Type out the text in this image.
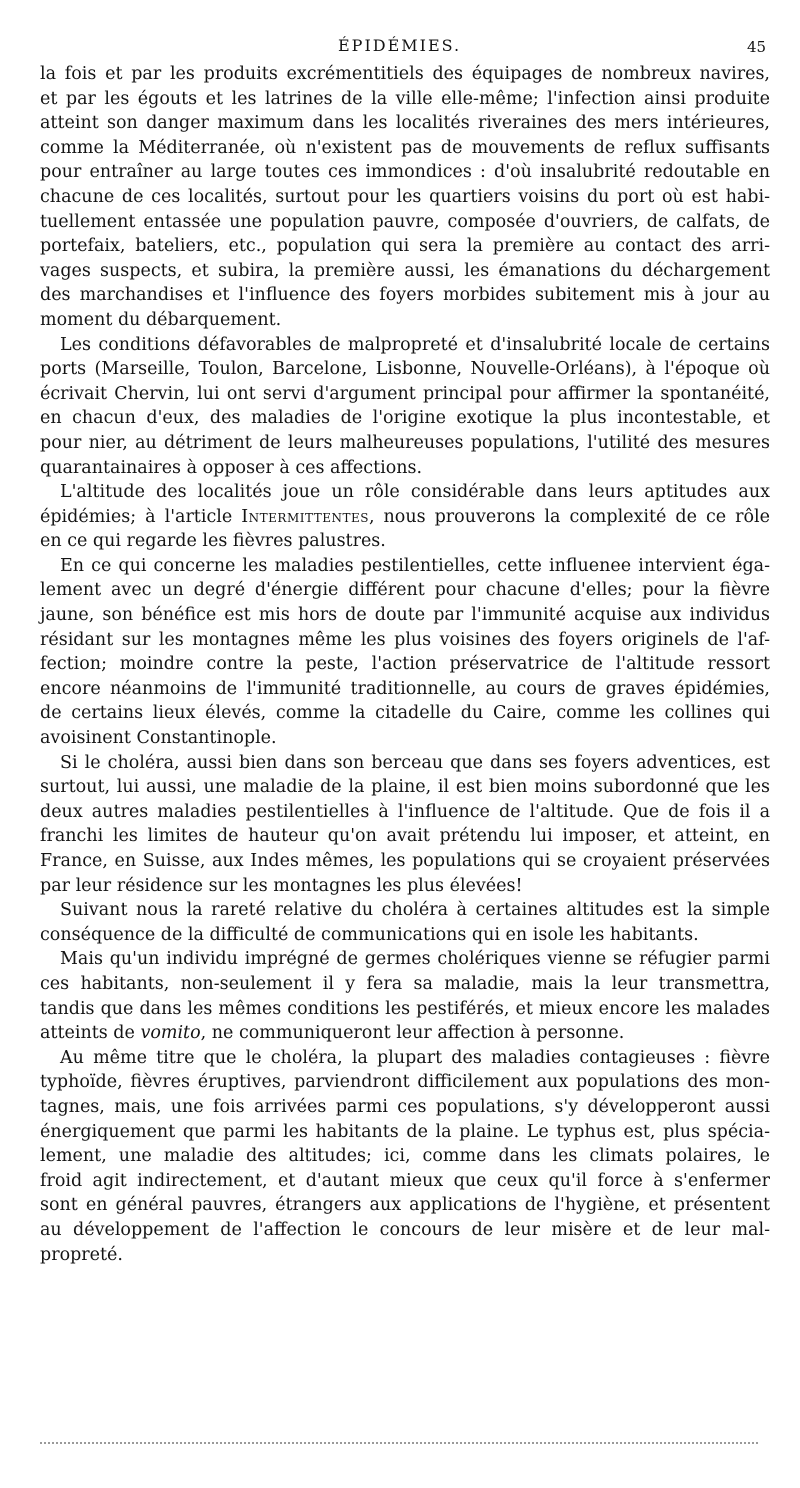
ÉPIDÉMIES.	45
la fois et par les produits excrémentitiels des équipages de nombreux navires,
et par les égouts et les latrines de la ville elle-même; l'infection ainsi produite
atteint son danger maximum dans les localités riveraines des mers intérieures,
comme la Méditerranée, où n'existent pas de mouvements de reflux suffisants
pour entraîner au large toutes ces immondices : d'où insalubrité redoutable en
chacune de ces localités, surtout pour les quartiers voisins du port où est habi-
tuellement entassée une population pauvre, composée d'ouvriers, de calfats, de
portefaix, bateliers, etc., population qui sera la première au contact des arri-
vages suspects, et subira, la première aussi, les émanations du déchargement
des marchandises et l'influence des foyers morbides subitement mis à jour au
moment du débarquement.
Les conditions défavorables de malpropreté et d'insalubrité locale de certains
ports (Marseille, Toulon, Barcelone, Lisbonne, Nouvelle-Orléans), à l'époque où
écrivait Chervin, lui ont servi d'argument principal pour affirmer la spontanéité,
en chacun d'eux, des maladies de l'origine exotique la plus incontestable, et
pour nier, au détriment de leurs malheureuses populations, l'utilité des mesures
quarantainaires à opposer à ces affections.
L'altitude des localités joue un rôle considérable dans leurs aptitudes aux
épidémies; à l'article Intermittentes, nous prouverons la complexité de ce rôle
en ce qui regarde les fièvres palustres.
En ce qui concerne les maladies pestilentielles, cette influenee intervient éga-
lement avec un degré d'énergie différent pour chacune d'elles; pour la fièvre
jaune, son bénéfice est mis hors de doute par l'immunité acquise aux individus
résidant sur les montagnes même les plus voisines des foyers originels de l'af-
fection; moindre contre la peste, l'action préservatrice de l'altitude ressort
encore néanmoins de l'immunité traditionnelle, au cours de graves épidémies,
de certains lieux élevés, comme la citadelle du Caire, comme les collines qui
avoisinent Constantinople.
Si le choléra, aussi bien dans son berceau que dans ses foyers adventices, est
surtout, lui aussi, une maladie de la plaine, il est bien moins subordonné que les
deux autres maladies pestilentielles à l'influence de l'altitude. Que de fois il a
franchi les limites de hauteur qu'on avait prétendu lui imposer, et atteint, en
France, en Suisse, aux Indes mêmes, les populations qui se croyaient préservées
par leur résidence sur les montagnes les plus élevées!
Suivant nous la rareté relative du choléra à certaines altitudes est la simple
conséquence de la difficulté de communications qui en isole les habitants.
Mais qu'un individu imprégné de germes cholériques vienne se réfugier parmi
ces habitants, non-seulement il y fera sa maladie, mais la leur transmettra,
tandis que dans les mêmes conditions les pestiférés, et mieux encore les malades
atteints de vomito, ne communiqueront leur affection à personne.
Au même titre que le choléra, la plupart des maladies contagieuses : fièvre
typhoïde, fièvres éruptives, parviendront difficilement aux populations des mon-
tagnes, mais, une fois arrivées parmi ces populations, s'y développeront aussi
énergiquement que parmi les habitants de la plaine. Le typhus est, plus spécia-
lement, une maladie des altitudes; ici, comme dans les climats polaires, le
froid agit indirectement, et d'autant mieux que ceux qu'il force à s'enfermer
sont en général pauvres, étrangers aux applications de l'hygiène, et présentent
au développement de l'affection le concours de leur misère et de leur mal-
propreté.
